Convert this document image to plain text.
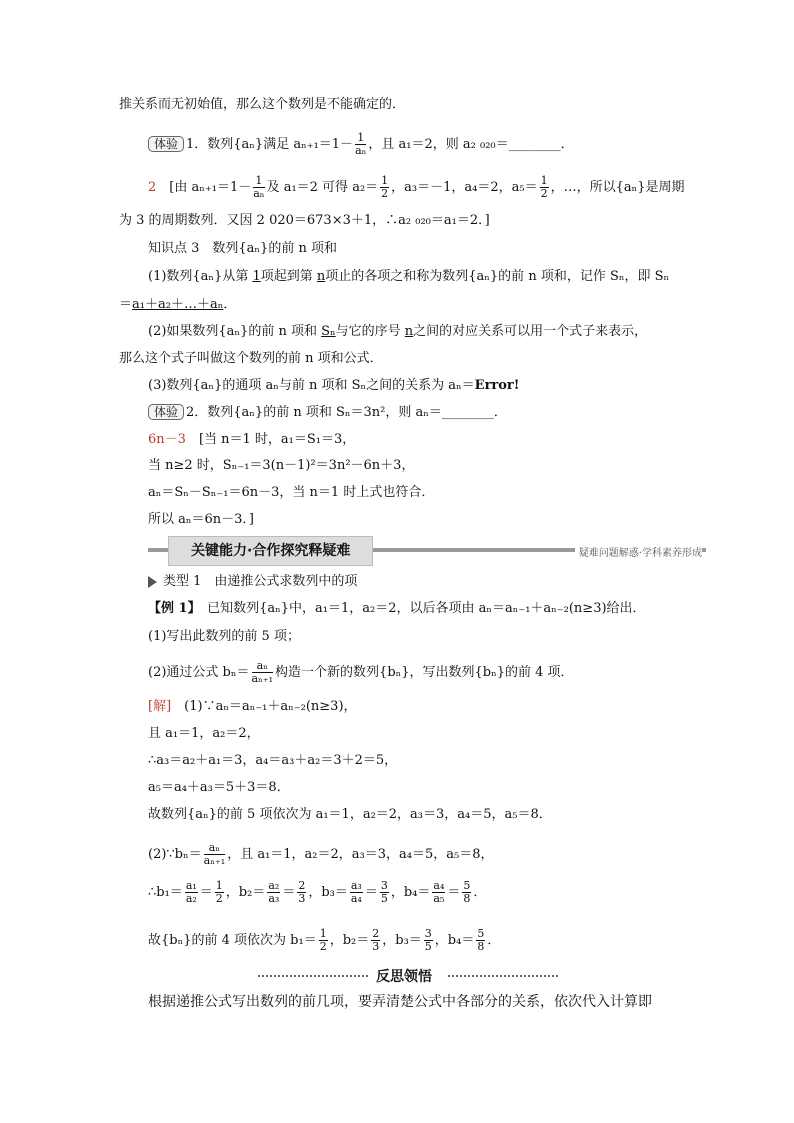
推关系而无初始值，那么这个数列是不能确定的．
体验 1．数列{aₙ}满足 $a_{n+1}=1- \frac{1}{\text{aₙ}}$ ，且 a₁＝2，则 a₂ ₀₂₀＝________．
2　 [由 $a_{n+1}=1- \frac{1}{\text{aₙ}}$ 及 a₁＝2 可得 $a_2= \frac{1}{2}$ ，a₃＝－1，a₄＝2，$a_5= \frac{1}{2}$ ，…，所以{aₙ}是周期
为 3 的周期数列．又因 2 020＝673×3＋1，∴a₂ ₀₂₀＝a₁＝2．]
知识点 3　数列{aₙ}的前 n 项和
(1)数列{aₙ}从第 1项起到第 n项止的各项之和称为数列{aₙ}的前 n 项和，记作 Sₙ，即 Sₙ
＝a₁＋a₂＋…＋aₙ．
(2)如果数列{aₙ}的前 n 项和 Sₙ与它的序号 n之间的对应关系可以用一个式子来表示，
那么这个式子叫做这个数列的前 n 项和公式．
(3)数列{aₙ}的通项 aₙ与前 n 项和 Sₙ之间的关系为 aₙ＝Error!
体验 2．数列{aₙ}的前 n 项和 Sₙ＝3n²，则 aₙ＝________．
6n－3　 [当 n＝1 时，a₁＝S₁＝3，
当 n≥2 时，Sₙ₋₁＝3(n－1)²＝3n²－6n＋3，
aₙ＝Sₙ－Sₙ₋₁＝6n－3，当 n＝1 时上式也符合．
所以 aₙ＝6n－3．]
关键能力·合作探究释疑难	疑难问题解惑·学科素养形成
类型 1　由递推公式求数列中的项
【例 1】　已知数列{aₙ}中，a₁＝1，a₂＝2，以后各项由 aₙ＝aₙ₋₁＋aₙ₋₂(n≥3)给出．
(1)写出此数列的前 5 项；
(2)通过公式 $b_n= \frac{\text{aₙ}}{\text{aₙ₊₁}}$ 构造一个新的数列{bₙ}，写出数列{bₙ}的前 4 项．
[解]　(1)∵aₙ＝aₙ₋₁＋aₙ₋₂(n≥3)，
且 a₁＝1，a₂＝2，
∴a₃＝a₂＋a₁＝3，a₄＝a₃＋a₂＝3＋2＝5，
a₅＝a₄＋a₃＝5＋3＝8．
故数列{aₙ}的前 5 项依次为 a₁＝1，a₂＝2，a₃＝3，a₄＝5，a₅＝8．
(2)∵bₙ＝ $\frac{\text{aₙ}}{\text{aₙ₊₁}}$ ，且 a₁＝1，a₂＝2，a₃＝3，a₄＝5，a₅＝8，
∴b₁＝ $\frac{\text{a₁}}{\text{a₂}} = \frac{1}{2}$ ，$b_2= \frac{\text{a₂}}{\text{a₃}} = \frac{2}{3}$ ，$b_3= \frac{\text{a₃}}{\text{a₄}} = \frac{3}{5}$ ，$b_4= \frac{\text{a₄}}{\text{a₅}} = \frac{5}{8}$ ．
故{bₙ}的前 4 项依次为 $b_1= \frac{1}{2}$ ，$b_2= \frac{2}{3}$ ，$b_3= \frac{3}{5}$ ，$b_4= \frac{5}{8}$ ．
反思领悟
根据递推公式写出数列的前几项，要弄清楚公式中各部分的关系，依次代入计算即
